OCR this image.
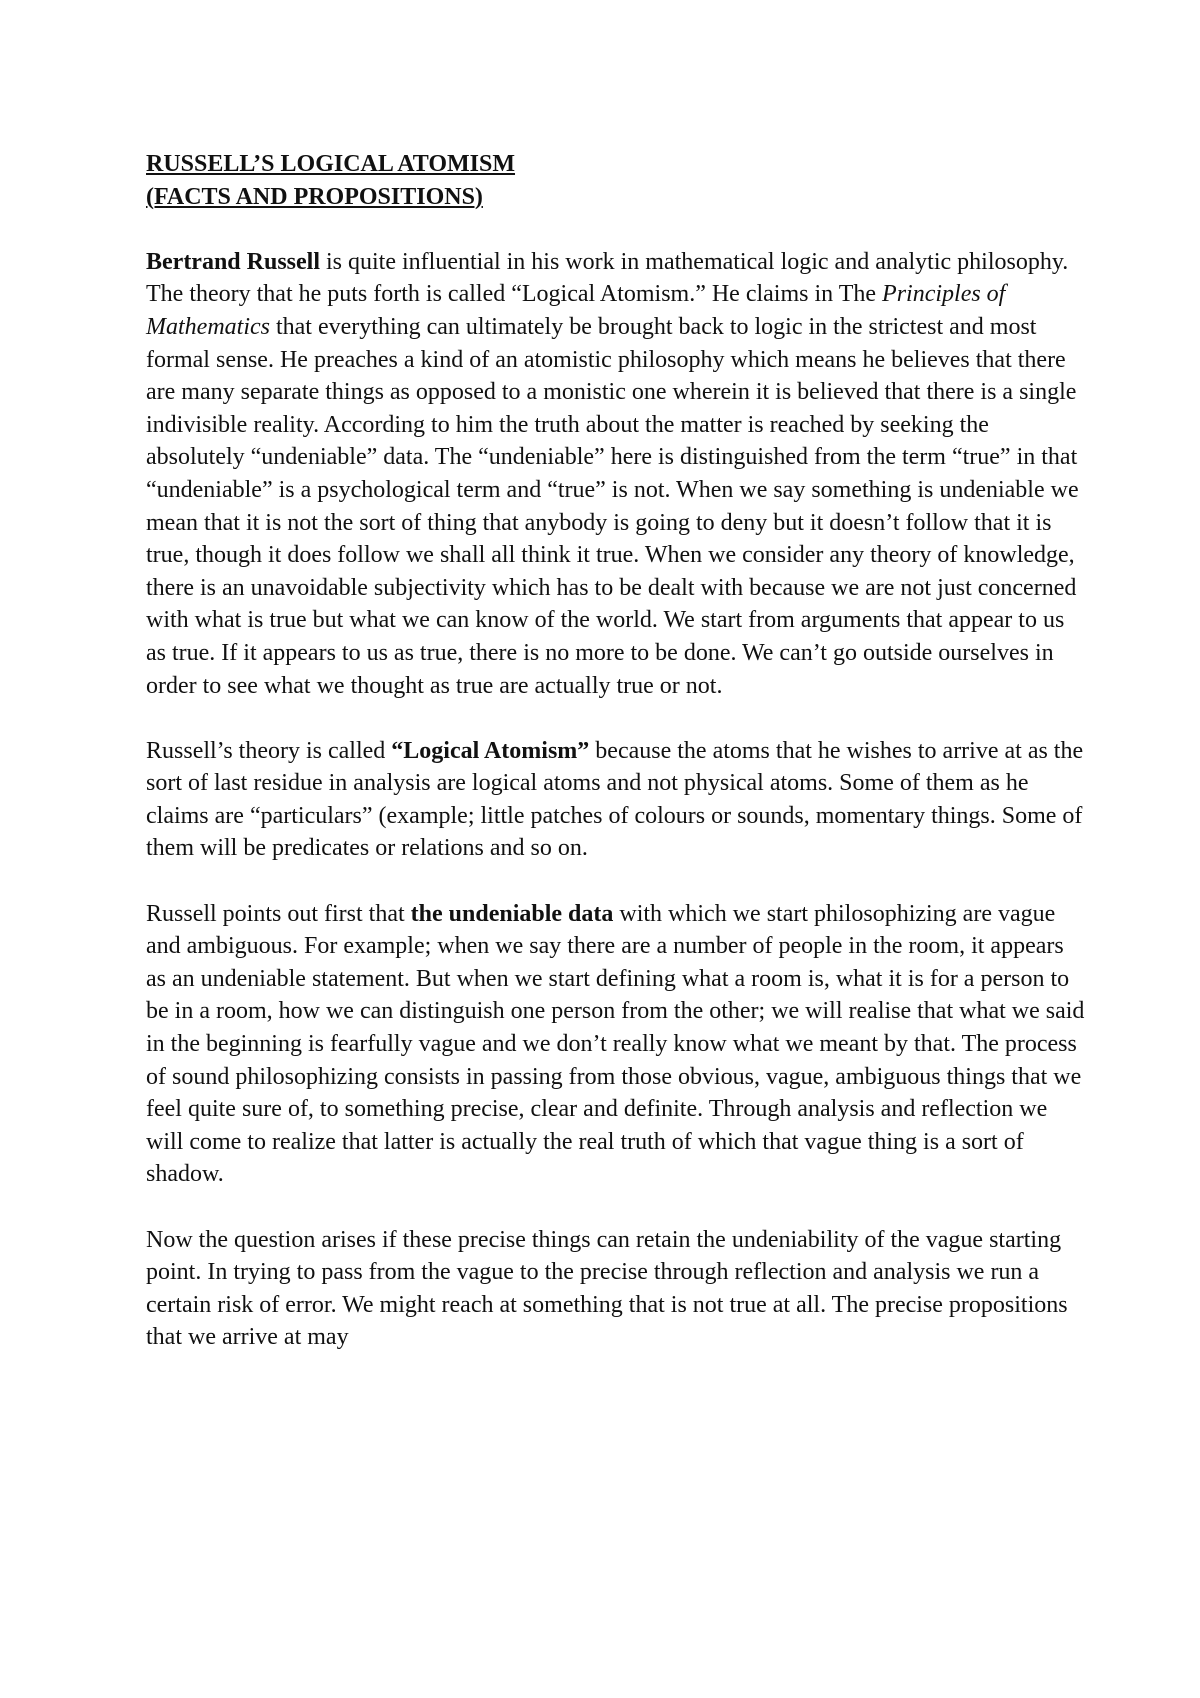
RUSSELL’S LOGICAL ATOMISM
(FACTS AND PROPOSITIONS)

Bertrand Russell is quite influential in his work in mathematical logic and analytic philosophy. The theory that he puts forth is called “Logical Atomism.” He claims in The Principles of Mathematics that everything can ultimately be brought back to logic in the strictest and most formal sense. He preaches a kind of an atomistic philosophy which means he believes that there are many separate things as opposed to a monistic one wherein it is believed that there is a single indivisible reality. According to him the truth about the matter is reached by seeking the absolutely “undeniable” data. The “undeniable” here is distinguished from the term “true” in that “undeniable” is a psychological term and “true” is not. When we say something is undeniable we mean that it is not the sort of thing that anybody is going to deny but it doesn’t follow that it is true, though it does follow we shall all think it true. When we consider any theory of knowledge, there is an unavoidable subjectivity which has to be dealt with because we are not just concerned with what is true but what we can know of the world. We start from arguments that appear to us as true. If it appears to us as true, there is no more to be done. We can’t go outside ourselves in order to see what we thought as true are actually true or not.

Russell’s theory is called “Logical Atomism” because the atoms that he wishes to arrive at as the sort of last residue in analysis are logical atoms and not physical atoms. Some of them as he claims are “particulars” (example; little patches of colours or sounds, momentary things. Some of them will be predicates or relations and so on.

Russell points out first that the undeniable data with which we start philosophizing are vague and ambiguous. For example; when we say there are a number of people in the room, it appears as an undeniable statement. But when we start defining what a room is, what it is for a person to be in a room, how we can distinguish one person from the other; we will realise that what we said in the beginning is fearfully vague and we don’t really know what we meant by that. The process of sound philosophizing consists in passing from those obvious, vague, ambiguous things that we feel quite sure of, to something precise, clear and definite. Through analysis and reflection we will come to realize that latter is actually the real truth of which that vague thing is a sort of shadow.

Now the question arises if these precise things can retain the undeniability of the vague starting point. In trying to pass from the vague to the precise through reflection and analysis we run a certain risk of error. We might reach at something that is not true at all. The precise propositions that we arrive at may
